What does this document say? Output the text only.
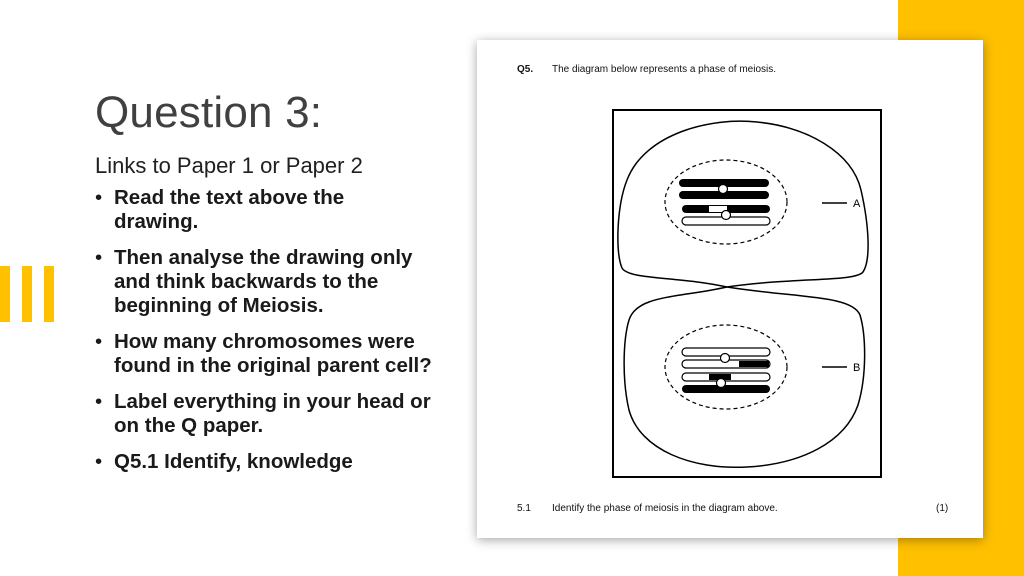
Question 3:
Links to Paper 1 or Paper 2
• Read the text above the drawing.
• Then analyse the drawing only and think backwards to the beginning of Meiosis.
• How many chromosomes were found in the original parent cell?
• Label everything in your head or on the Q paper.
• Q5.1 Identify, knowledge
Q5. The diagram below represents a phase of meiosis.
A
B
5.1 Identify the phase of meiosis in the diagram above.	(1)
